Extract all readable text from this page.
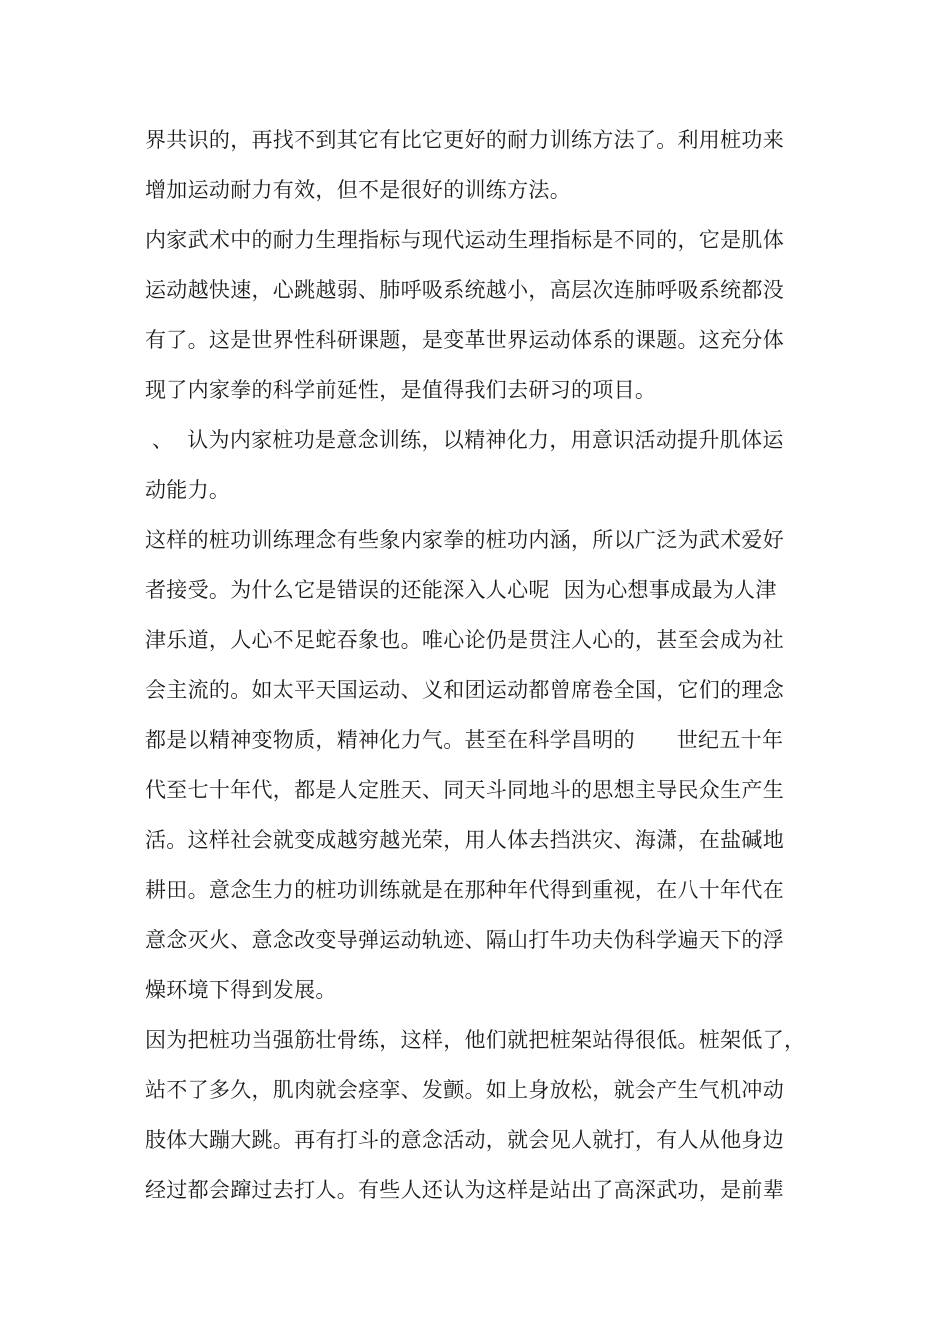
界共识的，再找不到其它有比它更好的耐力训练方法了。利用桩功来
增加运动耐力有效，但不是很好的训练方法。
内家武术中的耐力生理指标与现代运动生理指标是不同的，它是肌体
运动越快速，心跳越弱、肺呼吸系统越小，高层次连肺呼吸系统都没
有了。这是世界性科研课题，是变革世界运动体系的课题。这充分体
现了内家拳的科学前延性，是值得我们去研习的项目。
、  认为内家桩功是意念训练，以精神化力，用意识活动提升肌体运
动能力。
这样的桩功训练理念有些象内家拳的桩功内涵，所以广泛为武术爱好
者接受。为什么它是错误的还能深入人心呢  因为心想事成最为人津
津乐道，人心不足蛇吞象也。唯心论仍是贯注人心的，甚至会成为社
会主流的。如太平天国运动、义和团运动都曾席卷全国，它们的理念
都是以精神变物质，精神化力气。甚至在科学昌明的      世纪五十年
代至七十年代，都是人定胜天、同天斗同地斗的思想主导民众生产生
活。这样社会就变成越穷越光荣，用人体去挡洪灾、海潇，在盐碱地
耕田。意念生力的桩功训练就是在那种年代得到重视，在八十年代在
意念灭火、意念改变导弹运动轨迹、隔山打牛功夫伪科学遍天下的浮
燥环境下得到发展。
因为把桩功当强筋壮骨练，这样，他们就把桩架站得很低。桩架低了，
站不了多久，肌肉就会痉挛、发颤。如上身放松，就会产生气机冲动
肢体大蹦大跳。再有打斗的意念活动，就会见人就打，有人从他身边
经过都会蹿过去打人。有些人还认为这样是站出了高深武功，是前辈
